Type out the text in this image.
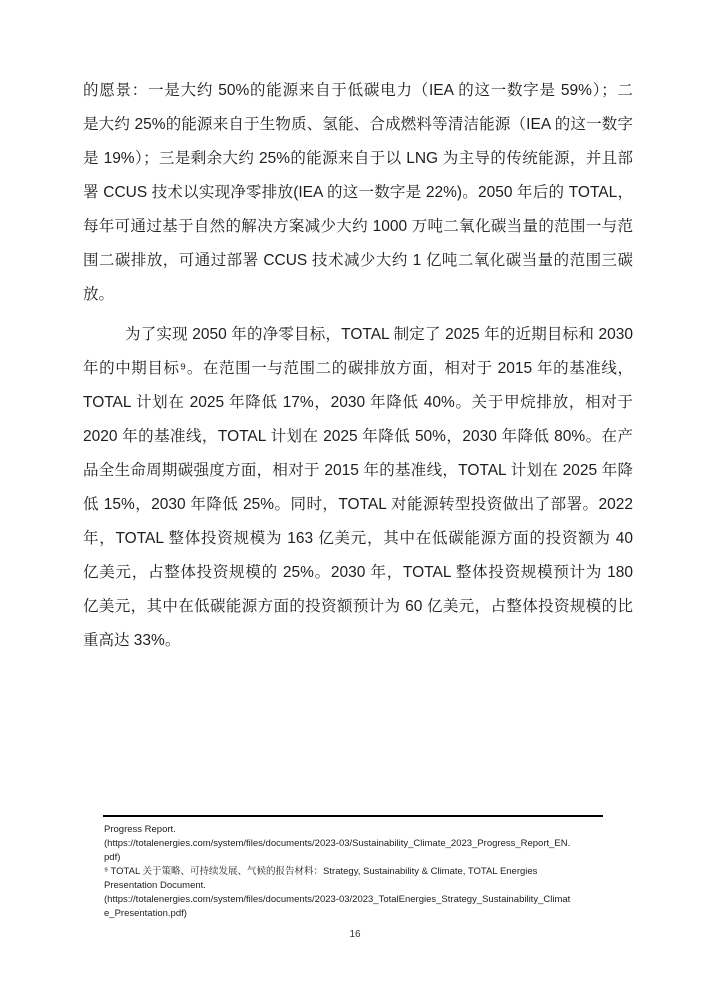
的愿景：一是大约 50%的能源来自于低碳电力（IEA 的这一数字是 59%）；二
是大约 25%的能源来自于生物质、氢能、合成燃料等清洁能源（IEA 的这一数字
是 19%）；三是剩余大约 25%的能源来自于以 LNG 为主导的传统能源，并且部
署 CCUS 技术以实现净零排放(IEA 的这一数字是 22%)。2050 年后的 TOTAL，
每年可通过基于自然的解决方案减少大约 1000 万吨二氧化碳当量的范围一与范
围二碳排放，可通过部署 CCUS 技术减少大约 1 亿吨二氧化碳当量的范围三碳
放。
为了实现 2050 年的净零目标，TOTAL 制定了 2025 年的近期目标和 2030
年的中期目标⁹。在范围一与范围二的碳排放方面，相对于 2015 年的基准线，
TOTAL 计划在 2025 年降低 17%，2030 年降低 40%。关于甲烷排放，相对于
2020 年的基准线，TOTAL 计划在 2025 年降低 50%，2030 年降低 80%。在产
品全生命周期碳强度方面，相对于 2015 年的基准线，TOTAL 计划在 2025 年降
低 15%，2030 年降低 25%。同时，TOTAL 对能源转型投资做出了部署。2022
年，TOTAL 整体投资规模为 163 亿美元，其中在低碳能源方面的投资额为 40
亿美元，占整体投资规模的 25%。2030 年，TOTAL 整体投资规模预计为 180
亿美元，其中在低碳能源方面的投资额预计为 60 亿美元，占整体投资规模的比
重高达 33%。
Progress Report.
(https://totalenergies.com/system/files/documents/2023-03/Sustainability_Climate_2023_Progress_Report_EN.
pdf)
⁹ TOTAL 关于策略、可持续发展、气候的报告材料：Strategy, Sustainability & Climate, TOTAL Energies
Presentation Document.
(https://totalenergies.com/system/files/documents/2023-03/2023_TotalEnergies_Strategy_Sustainability_Climat
e_Presentation.pdf)
16
